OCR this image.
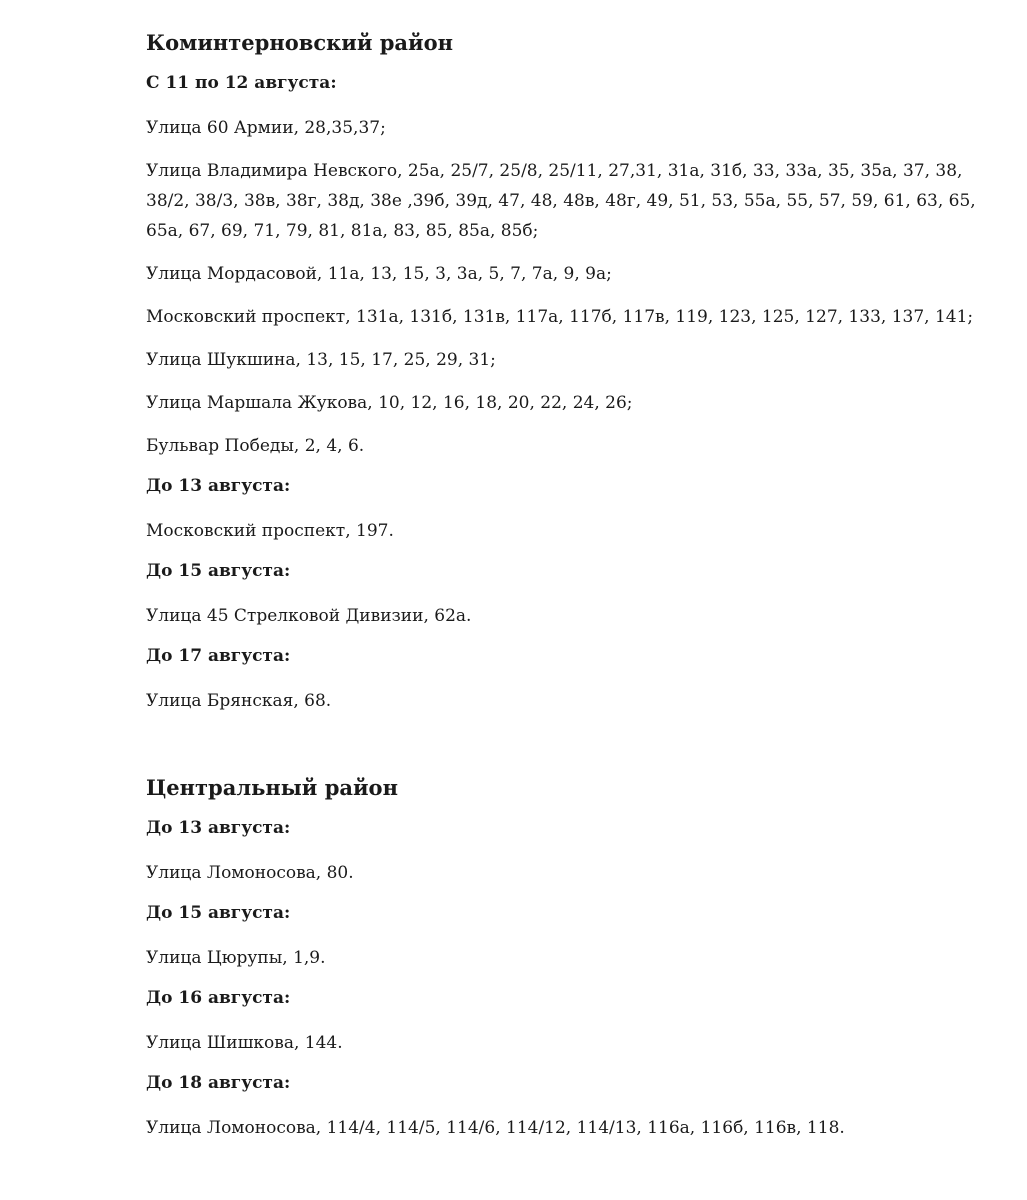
Коминтерновский район
С 11 по 12 августа:
Улица 60 Армии, 28,35,37;
Улица Владимира Невского, 25а, 25/7, 25/8, 25/11, 27,31, 31а, 31б, 33, 33а, 35, 35а, 37, 38, 38/2, 38/3, 38в, 38г, 38д, 38е ,39б, 39д, 47, 48, 48в, 48г, 49, 51, 53, 55а, 55, 57, 59, 61, 63, 65, 65а, 67, 69, 71, 79, 81, 81а, 83, 85, 85а, 85б;
Улица Мордасовой, 11а, 13, 15, 3, 3а, 5, 7, 7а, 9, 9а;
Московский проспект, 131а, 131б, 131в, 117а, 117б, 117в, 119, 123, 125, 127, 133, 137, 141;
Улица Шукшина, 13, 15, 17, 25, 29, 31;
Улица Маршала Жукова, 10, 12, 16, 18, 20, 22, 24, 26;
Бульвар Победы, 2, 4, 6.
До 13 августа:
Московский проспект, 197.
До 15 августа:
Улица 45 Стрелковой Дивизии, 62а.
До 17 августа:
Улица Брянская, 68.
Центральный район
До 13 августа:
Улица Ломоносова, 80.
До 15 августа:
Улица Цюрупы, 1,9.
До 16 августа:
Улица Шишкова, 144.
До 18 августа:
Улица Ломоносова, 114/4, 114/5, 114/6, 114/12, 114/13, 116а, 116б, 116в, 118.
